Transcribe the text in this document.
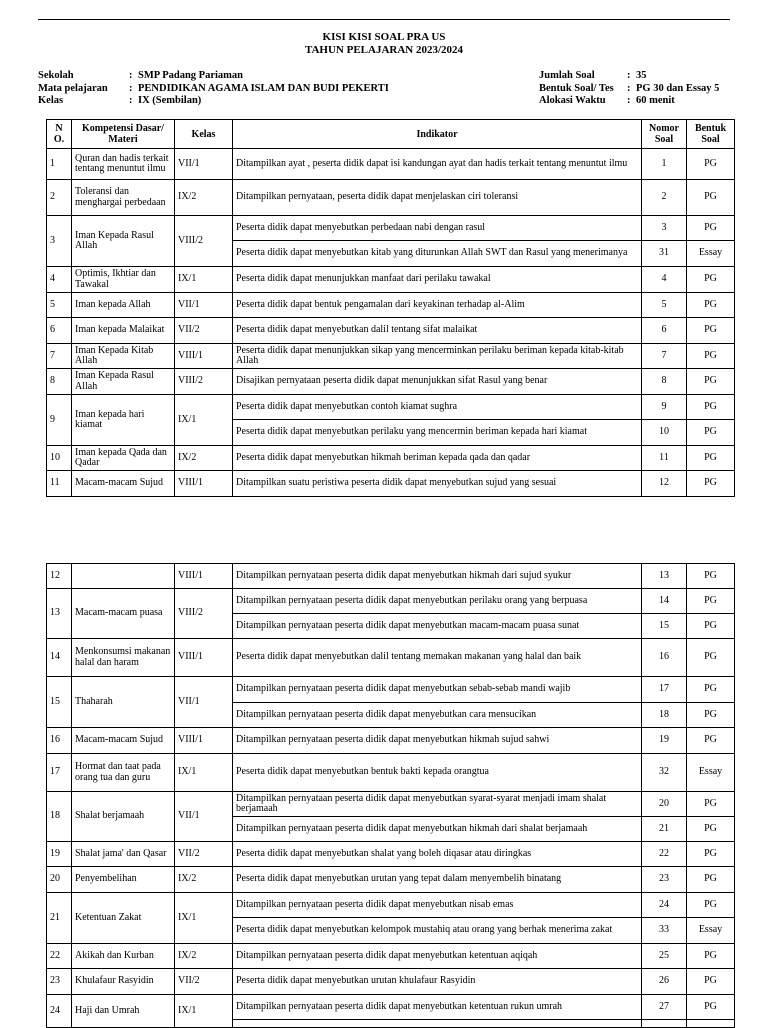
KISI KISI SOAL PRA US
TAHUN PELAJARAN 2023/2024
Sekolah	: SMP Padang Pariaman
Mata pelajaran	: PENDIDIKAN AGAMA ISLAM DAN BUDI PEKERTI
Kelas	: IX (Sembilan)
Jumlah Soal	: 35
Bentuk Soal/ Tes	: PG 30 dan Essay 5
Alokasi Waktu	: 60 menit
N O.	Kompetensi Dasar/ Materi	Kelas	Indikator	Nomor Soal	Bentuk Soal
1	Quran dan hadis terkait tentang menuntut ilmu	VII/1	Ditampilkan ayat , peserta didik dapat isi kandungan ayat dan hadis terkait tentang menuntut ilmu	1	PG
2	Toleransi dan menghargai perbedaan	IX/2	Ditampilkan pernyataan, peserta didik dapat menjelaskan ciri toleransi	2	PG
3	Iman Kepada Rasul Allah	VIII/2	Peserta didik dapat menyebutkan perbedaan nabi dengan rasul	3	PG
			Peserta didik dapat menyebutkan kitab yang diturunkan Allah SWT dan Rasul yang menerimanya	31	Essay
4	Optimis, Ikhtiar dan Tawakal	IX/1	Peserta didik dapat menunjukkan manfaat dari perilaku tawakal	4	PG
5	Iman kepada Allah	VII/1	Peserta didik dapat bentuk pengamalan dari keyakinan terhadap al-Alim	5	PG
6	Iman kepada Malaikat	VII/2	Peserta didik dapat menyebutkan dalil tentang sifat malaikat	6	PG
7	Iman Kepada Kitab Allah	VIII/1	Peserta didik dapat menunjukkan sikap yang mencerminkan perilaku beriman kepada kitab-kitab Allah	7	PG
8	Iman Kepada Rasul Allah	VIII/2	Disajikan pernyataan peserta didik dapat menunjukkan sifat Rasul yang benar	8	PG
9	Iman kepada hari kiamat	IX/1	Peserta didik dapat menyebutkan contoh kiamat sughra	9	PG
			Peserta didik dapat menyebutkan perilaku yang mencermin beriman kepada hari kiamat	10	PG
10	Iman kepada Qada dan Qadar	IX/2	Peserta didik dapat menyebutkan hikmah beriman kepada qada dan qadar	11	PG
11	Macam-macam Sujud	VIII/1	Ditampilkan suatu peristiwa peserta didik dapat menyebutkan sujud yang sesuai	12	PG
12		VIII/1	Ditampilkan pernyataan peserta didik dapat menyebutkan hikmah dari sujud syukur	13	PG
13	Macam-macam puasa	VIII/2	Ditampilkan pernyataan peserta didik dapat menyebutkan perilaku orang yang berpuasa	14	PG
			Ditampilkan pernyataan peserta didik dapat menyebutkan macam-macam puasa sunat	15	PG
14	Menkonsumsi makanan halal dan haram	VIII/1	Peserta didik dapat menyebutkan dalil tentang memakan makanan yang halal dan baik	16	PG
15	Thaharah	VII/1	Ditampilkan pernyataan peserta didik dapat menyebutkan sebab-sebab mandi wajib	17	PG
			Ditampilkan pernyataan peserta didik dapat menyebutkan cara mensucikan	18	PG
16	Macam-macam Sujud	VIII/1	Ditampilkan pernyataan peserta didik dapat menyebutkan hikmah sujud sahwi	19	PG
17	Hormat dan taat pada orang tua dan guru	IX/1	Peserta didik dapat menyebutkan bentuk bakti kepada orangtua	32	Essay
18	Shalat berjamaah	VII/1	Ditampilkan pernyataan peserta didik dapat menyebutkan syarat-syarat menjadi imam shalat berjamaah	20	PG
			Ditampilkan pernyataan peserta didik dapat menyebutkan hikmah dari shalat berjamaah	21	PG
19	Shalat jama' dan Qasar	VII/2	Peserta didik dapat menyebutkan shalat yang boleh diqasar atau diringkas	22	PG
20	Penyembelihan	IX/2	Peserta didik dapat menyebutkan urutan yang tepat dalam menyembelih binatang	23	PG
21	Ketentuan Zakat	IX/1	Ditampilkan pernyataan peserta didik dapat menyebutkan nisab emas	24	PG
			Peserta didik dapat menyebutkan kelompok mustahiq atau orang yang berhak menerima zakat	33	Essay
22	Akikah dan Kurban	IX/2	Ditampilkan pernyataan peserta didik dapat menyebutkan ketentuan aqiqah	25	PG
23	Khulafaur Rasyidin	VII/2	Peserta didik dapat menyebutkan urutan khulafaur Rasyidin	26	PG
24	Haji dan Umrah	IX/1	Ditampilkan pernyataan peserta didik dapat menyebutkan ketentuan rukun umrah	27	PG
